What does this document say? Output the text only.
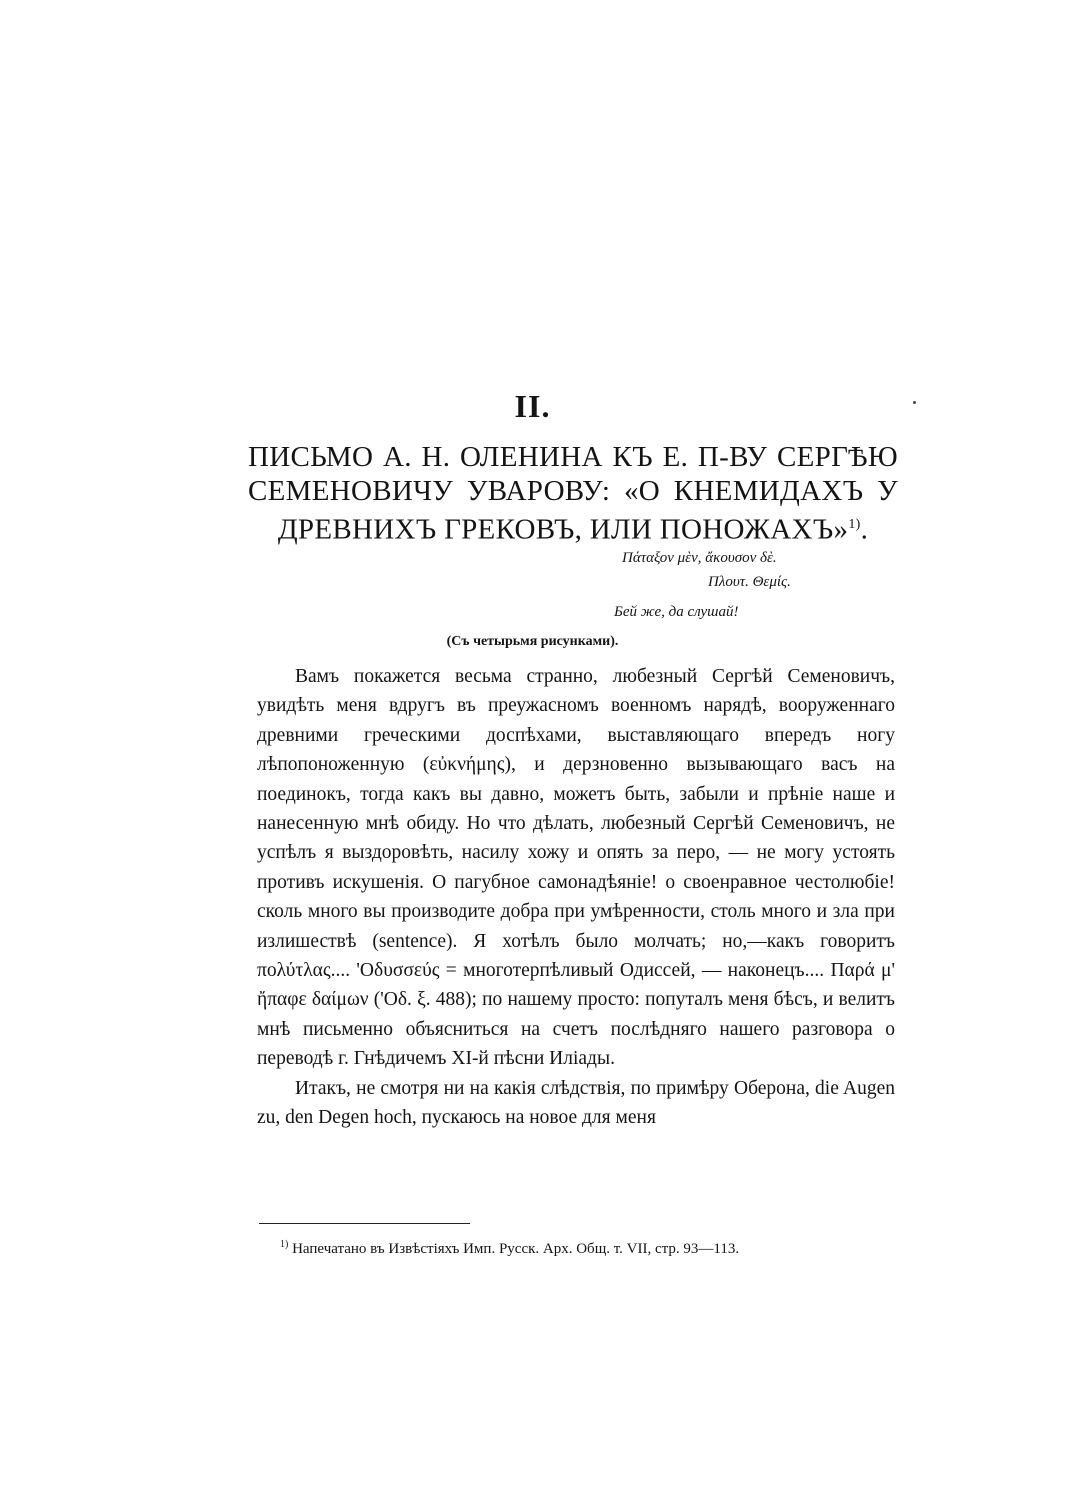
II.
ПИСЬМО А. Н. ОЛЕНИНА КЪ Е. П-ВУ СЕРГѢЮ СЕМЕНОВИЧУ УВАРОВУ: «О КНЕМИДАХЪ У ДРЕВНИХЪ ГРЕКОВЪ, ИЛИ ПОНОЖАХЪ»$^{1)}$.
Πάταξον μὲν, ἄκουσον δὲ.
Πλουτ. Θεμίς.
Бей же, да слушай!
(Съ четырьмя рисунками).

Вамъ покажется весьма странно, любезный Сергѣй Семеновичъ, увидѣть меня вдругъ въ преужасномъ военномъ нарядѣ, вооруженнаго древними греческими доспѣхами, выставляющаго впередъ ногу лѣпопоноженную (εὐκνήμης), и дерзновенно вызывающаго васъ на поединокъ, тогда какъ вы давно, можетъ быть, забыли и прѣніе наше и нанесенную мнѣ обиду. Но что дѣлать, любезный Сергѣй Семеновичъ, не успѣлъ я выздоровѣть, насилу хожу и опять за перо, — не могу устоять противъ искушенія. О пагубное самонадѣяніе! о своенравное честолюбіе! сколь много вы производите добра при умѣренности, столь много и зла при излишествѣ (sentence). Я хотѣлъ было молчать; но,—какъ говоритъ πολύτλας.... 'Οδυσσεύς = многотерпѣливый Одиссей, — наконецъ.... Παρά μ' ἤπαφε δαίμων ('Οδ. ξ. 488); по нашему просто: попуталъ меня бѣсъ, и велитъ мнѣ письменно объясниться на счетъ послѣдняго нашего разговора о переводѣ г. Гнѣдичемъ XI-й пѣсни Иліады.

Итакъ, не смотря ни на какія слѣдствія, по примѣру Оберона, die Augen zu, den Degen hoch, пускаюсь на новое для меня

$^{1)}$ Напечатано въ Извѣстіяхъ Имп. Русск. Арх. Общ. т. VII, стр. 93—113.
